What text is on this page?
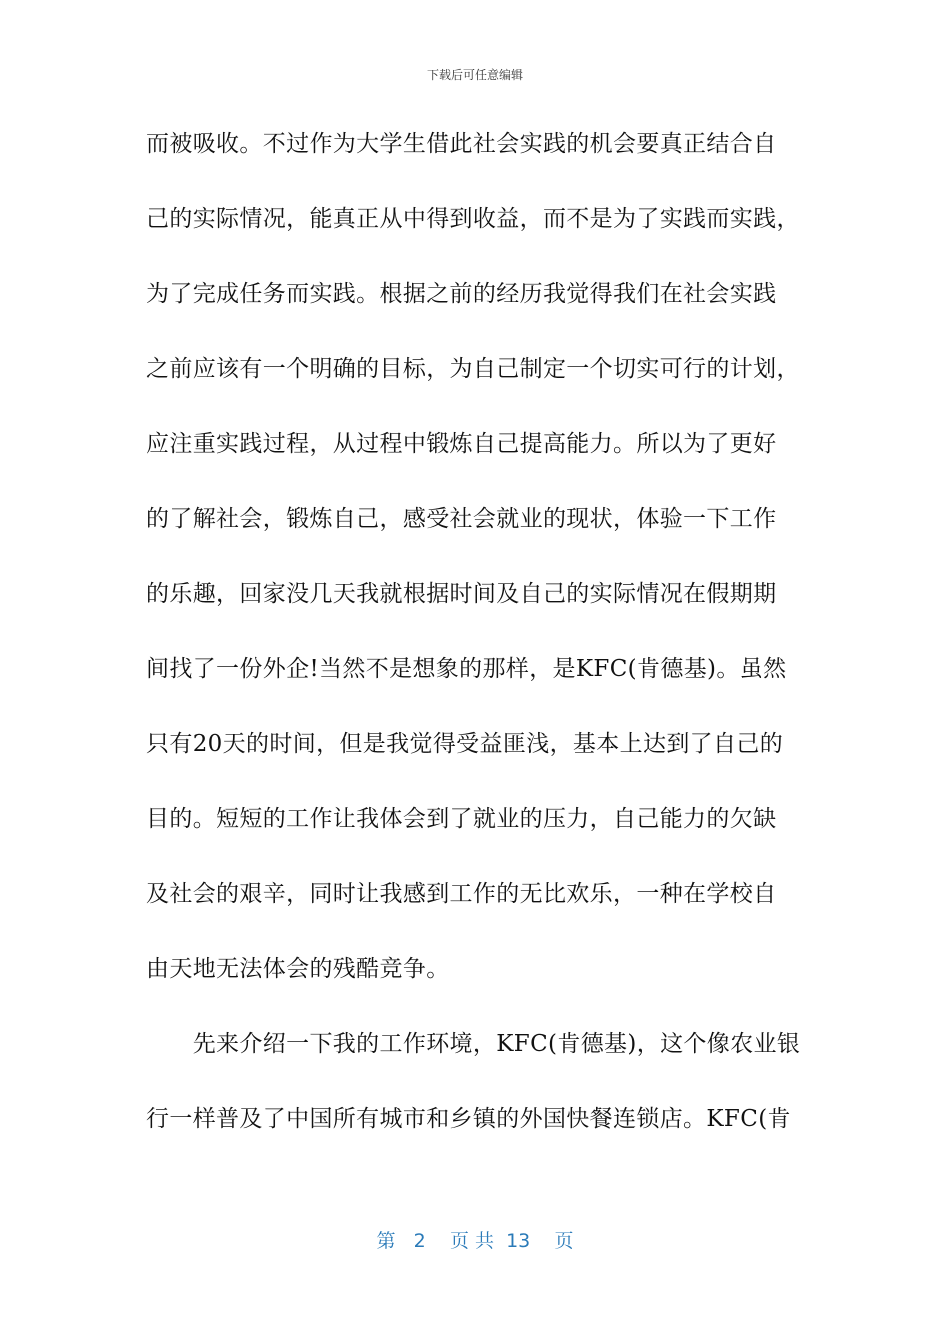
下载后可任意编辑
而被吸收。不过作为大学生借此社会实践的机会要真正结合自
己的实际情况，能真正从中得到收益，而不是为了实践而实践，
为了完成任务而实践。根据之前的经历我觉得我们在社会实践
之前应该有一个明确的目标，为自己制定一个切实可行的计划，
应注重实践过程，从过程中锻炼自己提高能力。所以为了更好
的了解社会，锻炼自己，感受社会就业的现状，体验一下工作
的乐趣，回家没几天我就根据时间及自己的实际情况在假期期
间找了一份外企!当然不是想象的那样，是KFC(肯德基)。虽然
只有20天的时间，但是我觉得受益匪浅，基本上达到了自己的
目的。短短的工作让我体会到了就业的压力，自己能力的欠缺
及社会的艰辛，同时让我感到工作的无比欢乐，一种在学校自
由天地无法体会的残酷竞争。
　　先来介绍一下我的工作环境，KFC(肯德基)，这个像农业银
行一样普及了中国所有城市和乡镇的外国快餐连锁店。KFC(肯
第 2 页 共 13 页
